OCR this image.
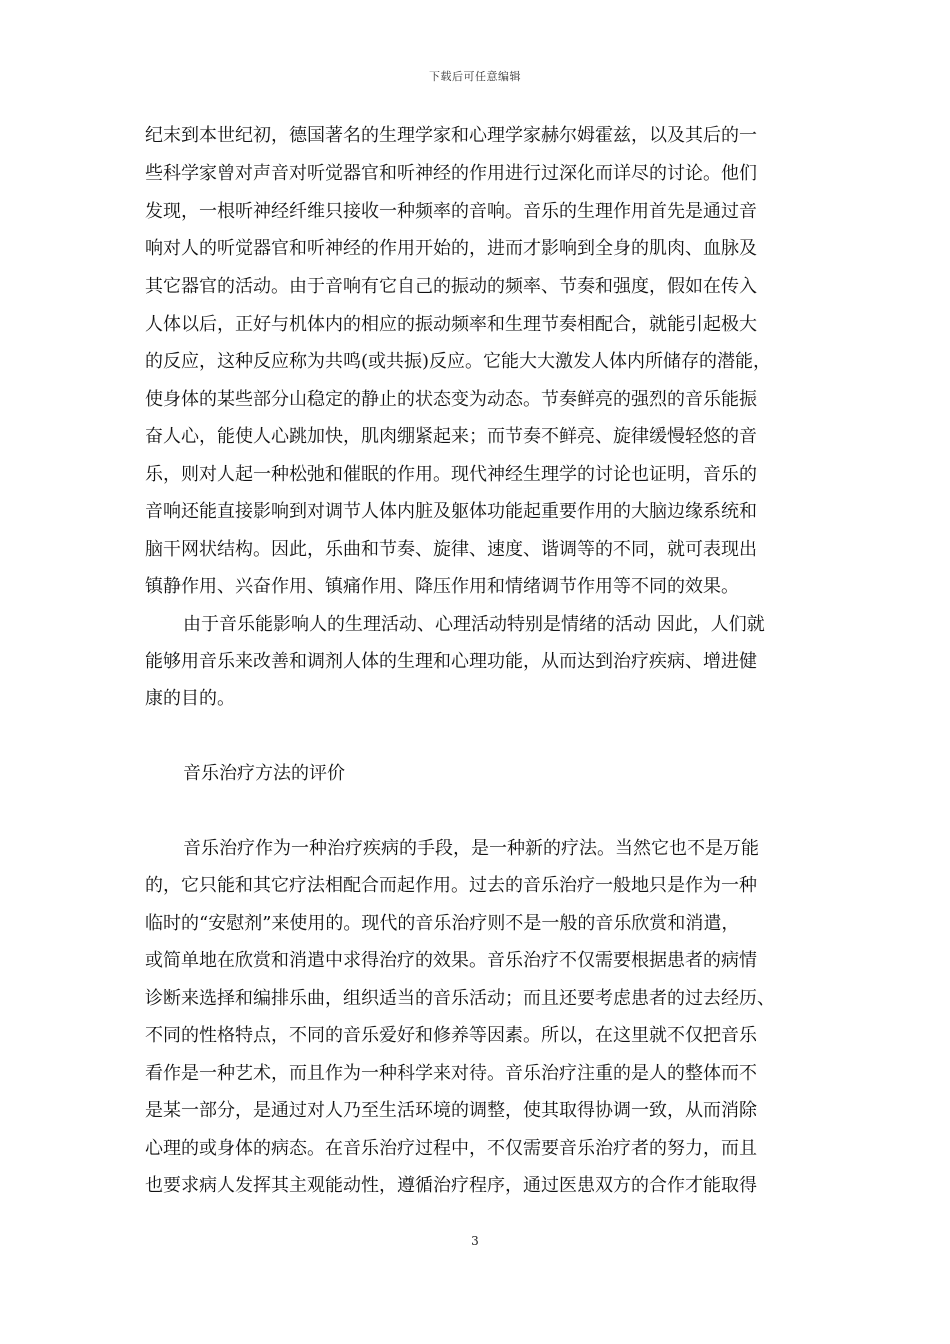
下载后可任意编辑
纪末到本世纪初，德国著名的生理学家和心理学家赫尔姆霍兹，以及其后的一
些科学家曾对声音对听觉器官和听神经的作用进行过深化而详尽的讨论。他们
发现，一根听神经纤维只接收一种频率的音响。音乐的生理作用首先是通过音
响对人的听觉器官和听神经的作用开始的，进而才影响到全身的肌肉、血脉及
其它器官的活动。由于音响有它自己的振动的频率、节奏和强度，假如在传入
人体以后，正好与机体内的相应的振动频率和生理节奏相配合，就能引起极大
的反应，这种反应称为共鸣(或共振)反应。它能大大激发人体内所储存的潜能，
使身体的某些部分山稳定的静止的状态变为动态。节奏鲜亮的强烈的音乐能振
奋人心，能使人心跳加快，肌肉绷紧起来；而节奏不鲜亮、旋律缓慢轻悠的音
乐，则对人起一种松弛和催眠的作用。现代神经生理学的讨论也证明，音乐的
音响还能直接影响到对调节人体内脏及躯体功能起重要作用的大脑边缘系统和
脑干网状结构。因此，乐曲和节奏、旋律、速度、谐调等的不同，就可表现出
镇静作用、兴奋作用、镇痛作用、降压作用和情绪调节作用等不同的效果。
由于音乐能影响人的生理活动、心理活动特别是情绪的活动 因此，人们就
能够用音乐来改善和调剂人体的生理和心理功能，从而达到治疗疾病、增进健
康的目的。
音乐治疗方法的评价
音乐治疗作为一种治疗疾病的手段，是一种新的疗法。当然它也不是万能
的，它只能和其它疗法相配合而起作用。过去的音乐治疗一般地只是作为一种
临时的“安慰剂”来使用的。现代的音乐治疗则不是一般的音乐欣赏和消遣，
或简单地在欣赏和消遣中求得治疗的效果。音乐治疗不仅需要根据患者的病情
诊断来选择和编排乐曲，组织适当的音乐活动；而且还要考虑患者的过去经历、
不同的性格特点，不同的音乐爱好和修养等因素。所以，在这里就不仅把音乐
看作是一种艺术，而且作为一种科学来对待。音乐治疗注重的是人的整体而不
是某一部分，是通过对人乃至生活环境的调整，使其取得协调一致，从而消除
心理的或身体的病态。在音乐治疗过程中，不仅需要音乐治疗者的努力，而且
也要求病人发挥其主观能动性，遵循治疗程序，通过医患双方的合作才能取得
3
